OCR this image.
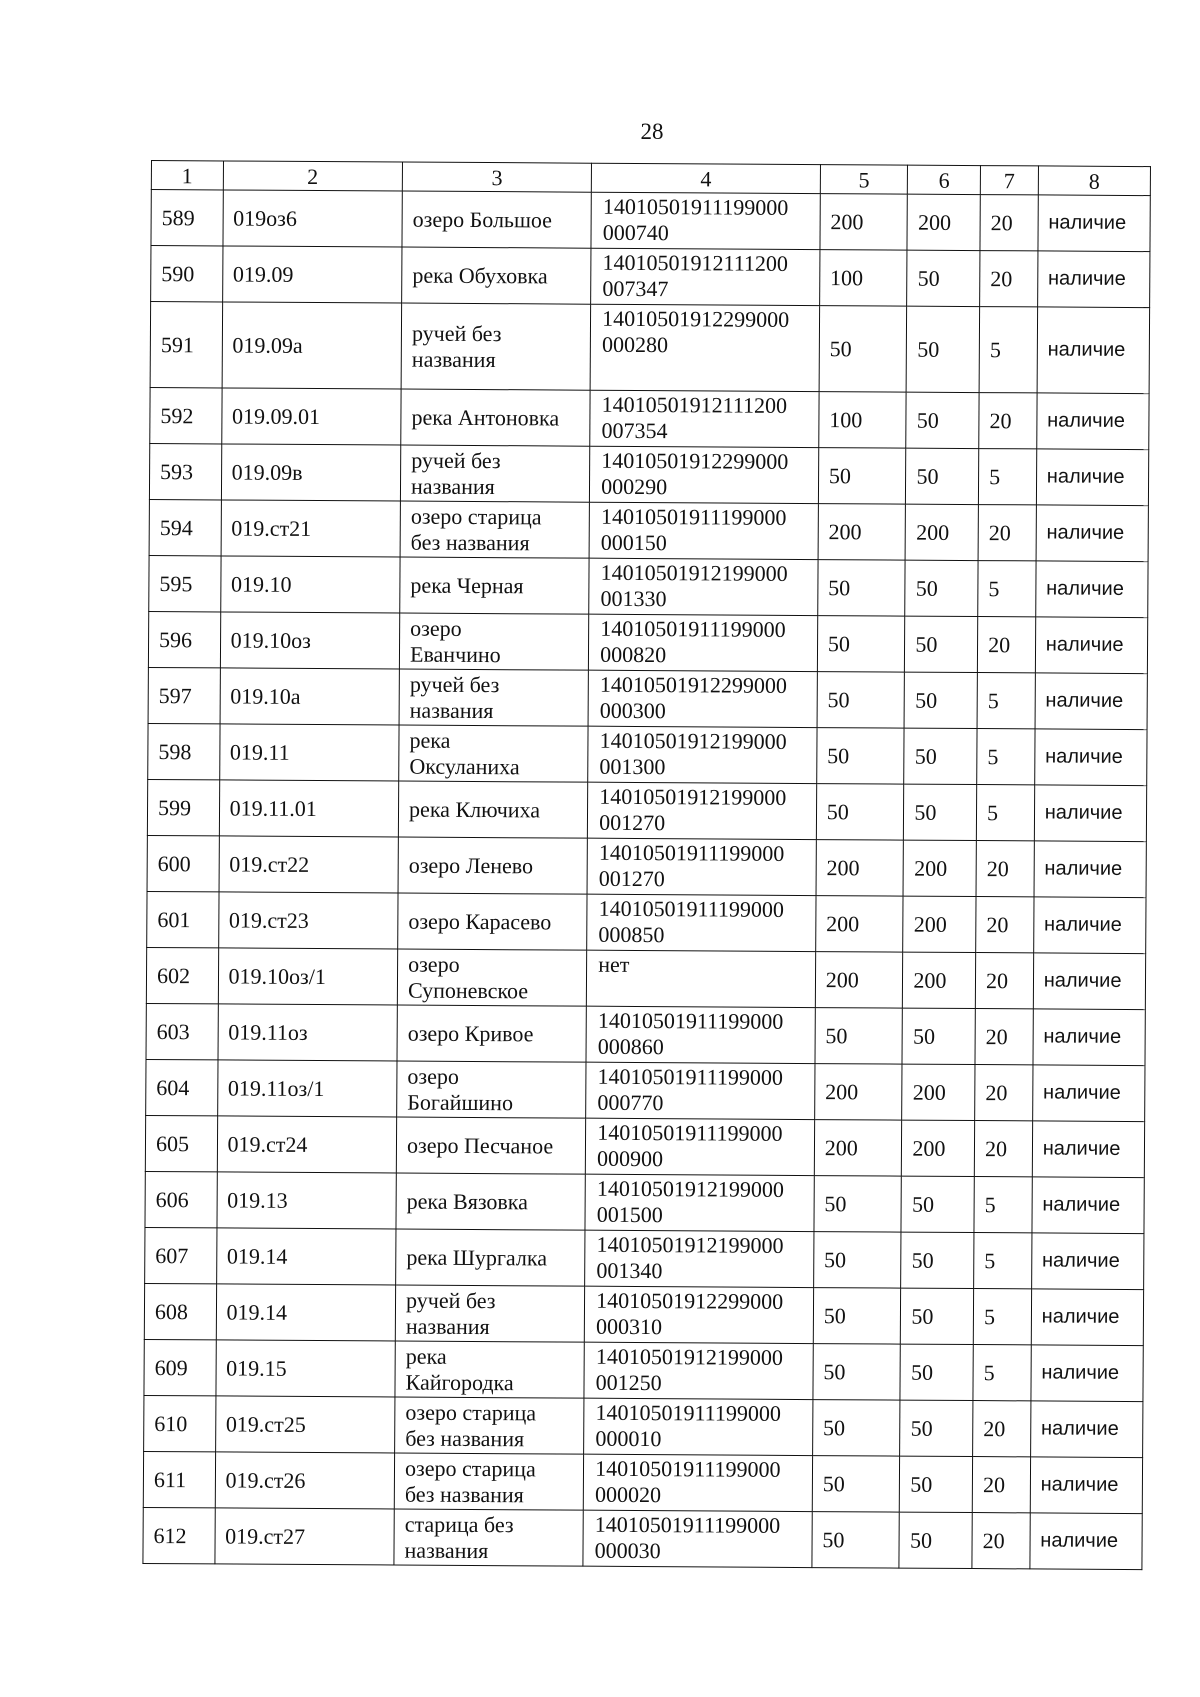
28
1	2	3	4	5	6	7	8
589	019оз6	озеро Большое	14010501911199000
000740	200	200	20	наличие
590	019.09	река Обуховка	14010501912111200
007347	100	50	20	наличие
591	019.09а	ручей без
названия	14010501912299000
000280	50	50	5	наличие
592	019.09.01	река Антоновка	14010501912111200
007354	100	50	20	наличие
593	019.09в	ручей без
названия	14010501912299000
000290	50	50	5	наличие
594	019.ст21	озеро старица
без названия	14010501911199000
000150	200	200	20	наличие
595	019.10	река Черная	14010501912199000
001330	50	50	5	наличие
596	019.10оз	озеро
Еванчино	14010501911199000
000820	50	50	20	наличие
597	019.10а	ручей без
названия	14010501912299000
000300	50	50	5	наличие
598	019.11	река
Оксуланиха	14010501912199000
001300	50	50	5	наличие
599	019.11.01	река Ключиха	14010501912199000
001270	50	50	5	наличие
600	019.ст22	озеро Ленево	14010501911199000
001270	200	200	20	наличие
601	019.ст23	озеро Карасево	14010501911199000
000850	200	200	20	наличие
602	019.10оз/1	озеро
Супоневское	нет	200	200	20	наличие
603	019.11оз	озеро Кривое	14010501911199000
000860	50	50	20	наличие
604	019.11оз/1	озеро
Богайшино	14010501911199000
000770	200	200	20	наличие
605	019.ст24	озеро Песчаное	14010501911199000
000900	200	200	20	наличие
606	019.13	река Вязовка	14010501912199000
001500	50	50	5	наличие
607	019.14	река Шургалка	14010501912199000
001340	50	50	5	наличие
608	019.14	ручей без
названия	14010501912299000
000310	50	50	5	наличие
609	019.15	река
Кайгородка	14010501912199000
001250	50	50	5	наличие
610	019.ст25	озеро старица
без названия	14010501911199000
000010	50	50	20	наличие
611	019.ст26	озеро старица
без названия	14010501911199000
000020	50	50	20	наличие
612	019.ст27	старица без
названия	14010501911199000
000030	50	50	20	наличие
